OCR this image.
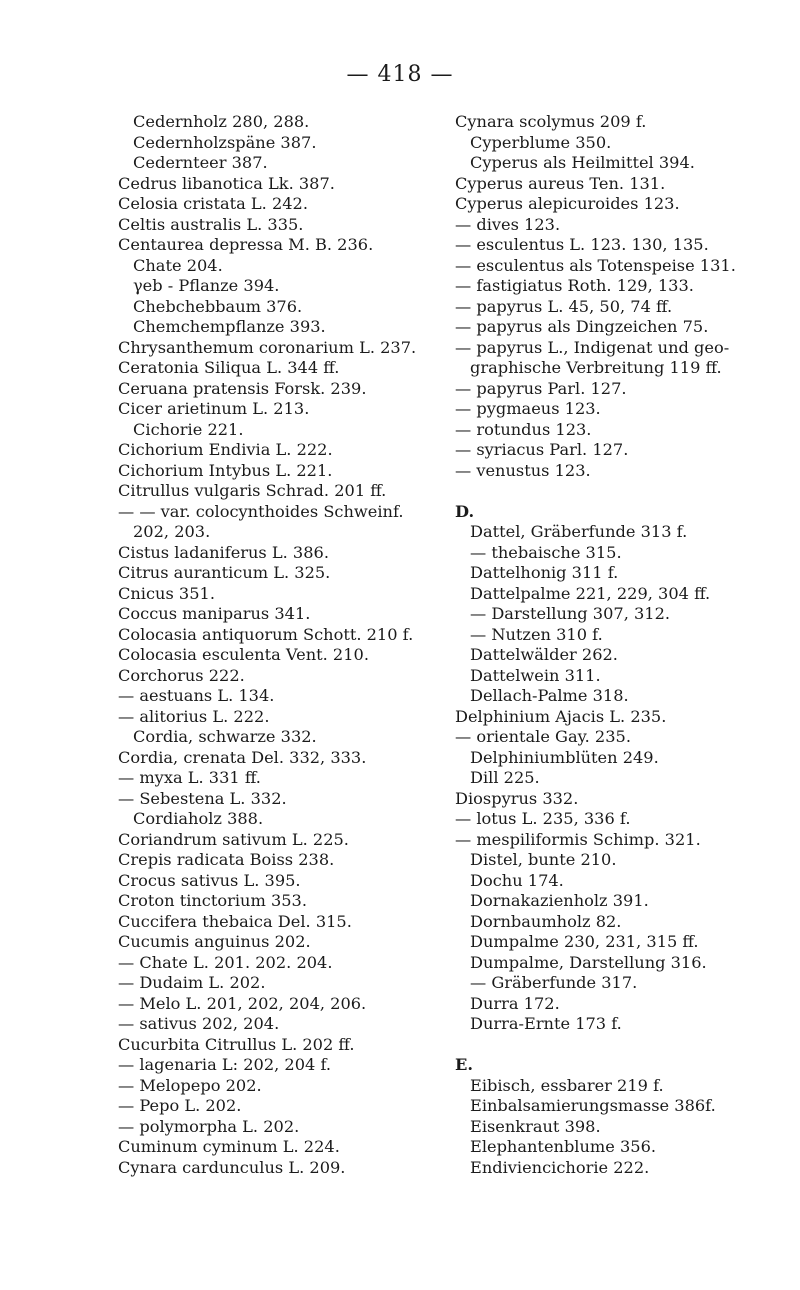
— 418 —
Cedernholz 280, 288.
Cedernholzspäne 387.
Cederntеer 387.
Cedrus libanotica Lk. 387.
Celosia cristata L. 242.
Celtis australis L. 335.
Centaurea depressa M. B. 236.
Chate 204.
γeb - Pflanze 394.
Chebchebbaum 376.
Chemchempflanze 393.
Chrysanthemum coronarium L. 237.
Ceratonia Siliqua L. 344 ff.
Ceruana pratensis Forsk. 239.
Cicer arietinum L. 213.
Cichorie 221.
Cichorium Endivia L. 222.
Cichorium Intybus L. 221.
Citrullus vulgaris Schrad. 201 ff.
— — var. colocynthoides Schweinf.
202, 203.
Cistus ladaniferus L. 386.
Citrus auranticum L. 325.
Cnicus 351.
Coccus maniparus 341.
Colocasia antiquorum Schott. 210 f.
Colocasia esculenta Vent. 210.
Corchorus 222.
— aestuans L. 134.
— alitorius L. 222.
Cordia, schwarze 332.
Cordia, crenata Del. 332, 333.
— myxa L. 331 ff.
— Sebestena L. 332.
Cordiaholz 388.
Coriandrum sativum L. 225.
Crepis radicata Boiss 238.
Crocus sativus L. 395.
Croton tinctorium 353.
Cuccifera thebaica Del. 315.
Cucumis anguinus 202.
— Chate L. 201. 202. 204.
— Dudaim L. 202.
— Melo L. 201, 202, 204, 206.
— sativus 202, 204.
Cucurbita Citrullus L. 202 ff.
— lagenaria L: 202, 204 f.
— Melopepo 202.
— Pepo L. 202.
— polymorpha L. 202.
Cuminum cyminum L. 224.
Cynara cardunculus L. 209.
Cynara scolymus 209 f.
Cyperblume 350.
Cyperus als Heilmittel 394.
Cyperus aureus Ten. 131.
Cyperus alepicuroides 123.
— dives 123.
— esculentus L. 123. 130, 135.
— esculentus als Totenspeise 131.
— fastigiatus Roth. 129, 133.
— papyrus L. 45, 50, 74 ff.
— papyrus als Dingzeichen 75.
— papyrus L., Indigenat und geo-
graphische Verbreitung 119 ff.
— papyrus Parl. 127.
— pygmaeus 123.
— rotundus 123.
— syriacus Parl. 127.
— venustus 123.
D.
Dattel, Gräberfunde 313 f.
— thebaische 315.
Dattelhonig 311 f.
Dattelpalme 221, 229, 304 ff.
— Darstellung 307, 312.
— Nutzen 310 f.
Dattelwälder 262.
Dattelwein 311.
Dellach-Palme 318.
Delphinium Ajacis L. 235.
— orientale Gay. 235.
Delphiniumblüten 249.
Dill 225.
Diospyrus 332.
— lotus L. 235, 336 f.
— mespiliformis Schimp. 321.
Distel, bunte 210.
Dochu 174.
Dornakazienholz 391.
Dornbaumholz 82.
Dumpalme 230, 231, 315 ff.
Dumpalme, Darstellung 316.
— Gräberfunde 317.
Durra 172.
Durra-Ernte 173 f.
E.
Eibisch, essbarer 219 f.
Einbalsamierungsmasse 386f.
Eisenkraut 398.
Elephantenblume 356.
Endiviencichorie 222.
